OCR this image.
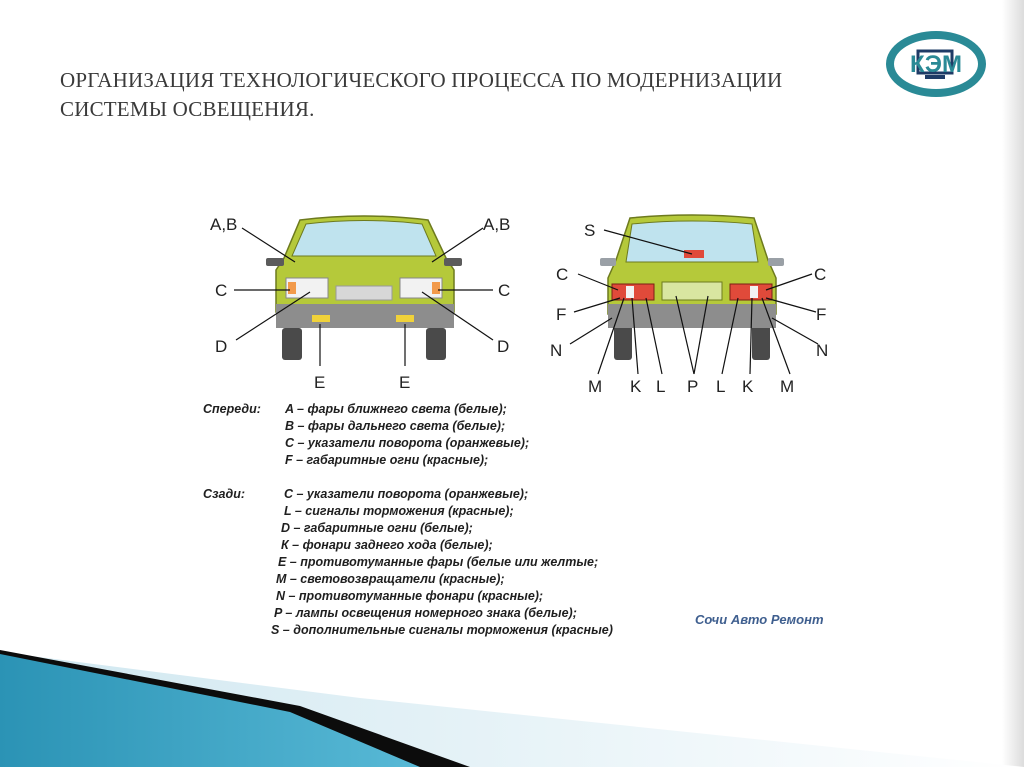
ОРГАНИЗАЦИЯ ТЕХНОЛОГИЧЕСКОГО ПРОЦЕССА ПО МОДЕРНИЗАЦИИ
СИСТЕМЫ ОСВЕЩЕНИЯ.
КЭМ
A,B	A,B
C	C
D	D
E	E
S
C	C
F	F
N	N
M K L P L K M
Спереди: A – фары ближнего света (белые);
B – фары дальнего света (белые);
C – указатели поворота (оранжевые);
F – габаритные огни (красные);
Сзади:	C – указатели поворота (оранжевые);
L – сигналы торможения (красные);
D – габаритные огни (белые);
К – фонари заднего хода (белые);
E – противотуманные фары (белые или желтые;
M – световозвращатели (красные);
N – противотуманные фонари (красные);
P – лампы освещения номерного знака (белые);
S – дополнительные сигналы торможения (красные)
Сочи Авто Ремонт
